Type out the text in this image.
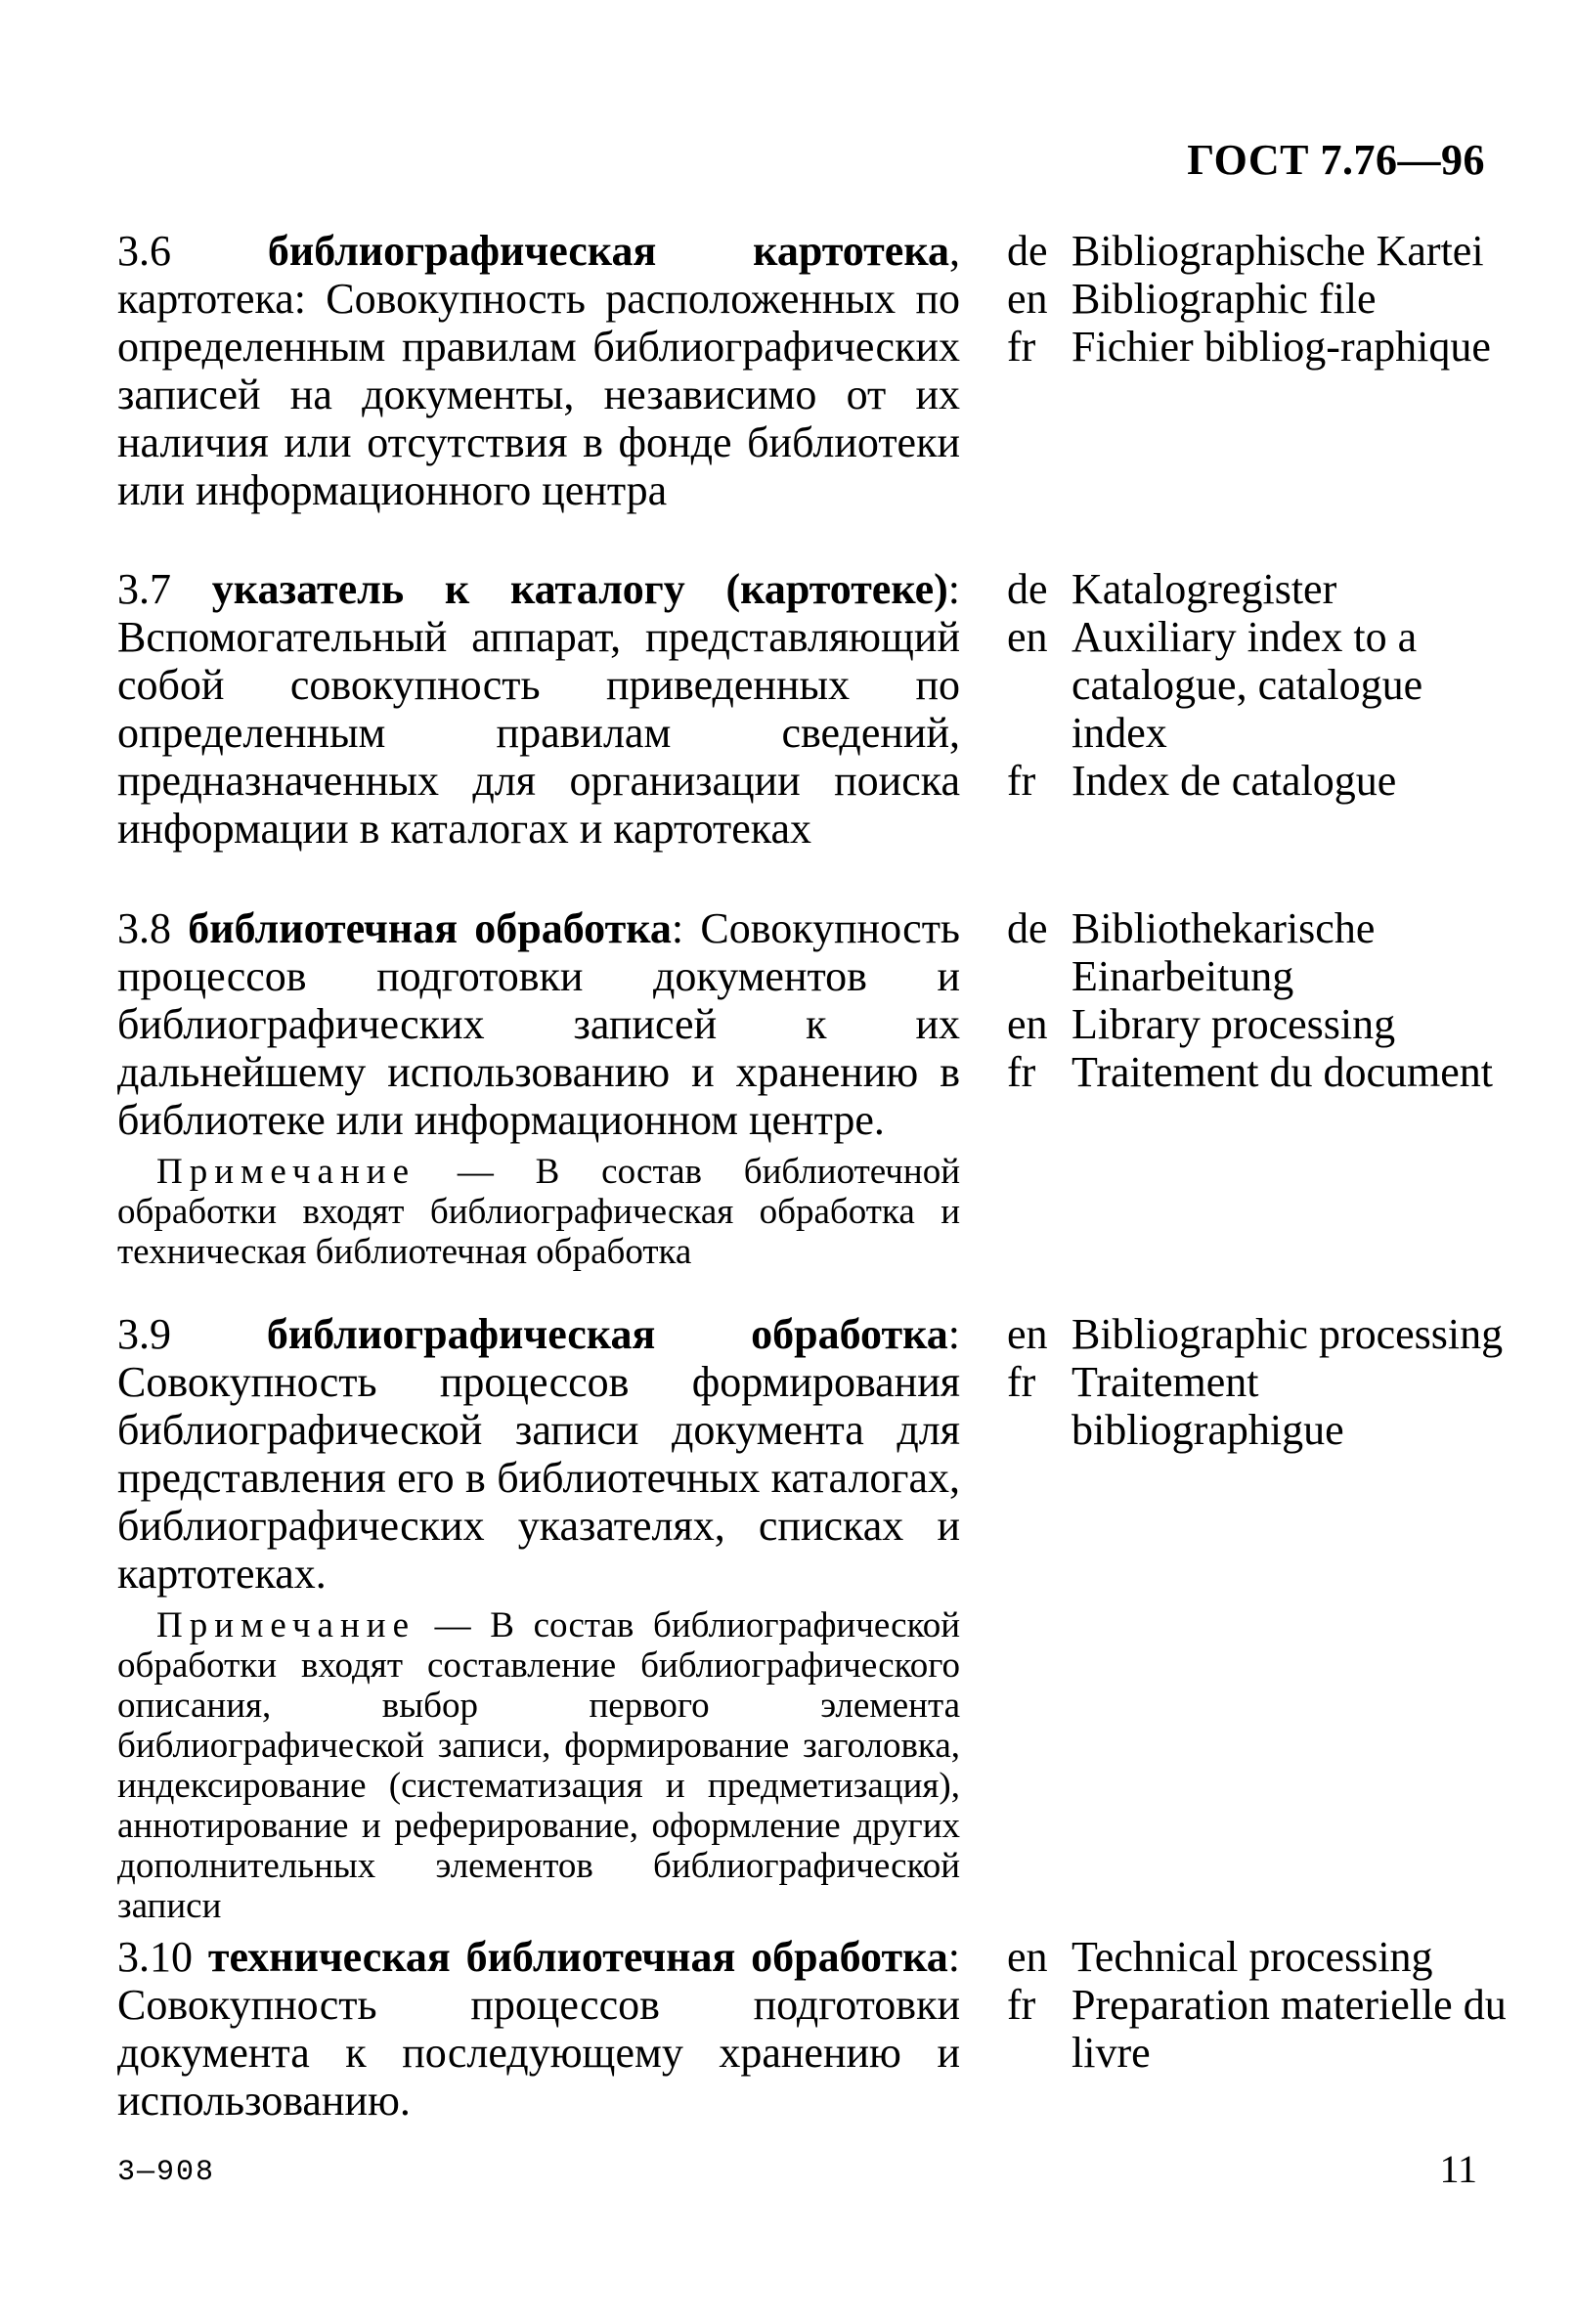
ГОСТ 7.76—96
3.6 библиографическая картотека, картотека: Совокупность расположенных по определенным правилам библиографических записей на документы, независимо от их наличия или отсутствия в фонде библиотеки или информационного центра
de Bibliographische Kartei
en Bibliographic file
fr Fichier bibliog-raphique
3.7 указатель к каталогу (картотеке): Вспомогательный аппарат, представляющий собой совокупность приведенных по определенным правилам сведений, предназначенных для организации поиска информации в каталогах и картотеках
de Katalogregister
en Auxiliary index to a catalogue, catalogue index
fr Index de catalogue
3.8 библиотечная обработка: Совокупность процессов подготовки документов и библиографических записей к их дальнейшему использованию и хранению в библиотеке или информационном центре.
Примечание — В состав библиотечной обработки входят библиографическая обработка и техническая библиотечная обработка
de Bibliothekarische Einarbeitung
en Library processing
fr Traitement du document
3.9 библиографическая обработка: Совокупность процессов формирования библиографической записи документа для представления его в библиотечных каталогах, библиографических указателях, списках и картотеках.
Примечание — В состав библиографической обработки входят составление библиографического описания, выбор первого элемента библиографической записи, формирование заголовка, индексирование (систематизация и предметизация), аннотирование и реферирование, оформление других дополнительных элементов библиографической записи
en Bibliographic processing
fr Traitement bibliographigue
3.10 техническая библиотечная обработка: Совокупность процессов подготовки документа к последующему хранению и использованию.
en Technical processing
fr Preparation materielle du livre
3—908	11
